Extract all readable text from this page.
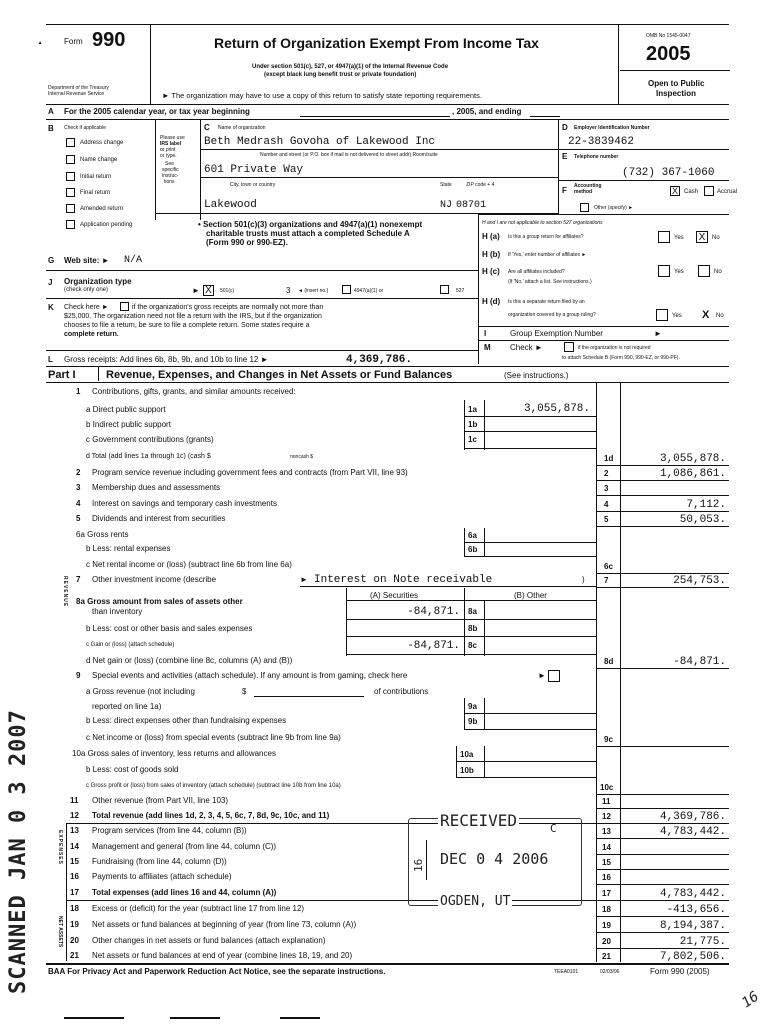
·▲	Form 990
Department of the Treasury
Internal Revenue Service
Return of Organization Exempt From Income Tax
Under section 501(c), 527, or 4947(a)(1) of the Internal Revenue Code
(except black lung benefit trust or private foundation)
► The organization may have to use a copy of this return to satisfy state reporting requirements.
OMB No 1545-0047
2005
Open to Public
Inspection
A For the 2005 calendar year, or tax year beginning	, 2005, and ending
B Check if applicable
Address change
Name change
Initial return
Final return
Amended return
Application pending
Please use
IRS label
or print
or type.
See
specific
instruc-
tions
C Name of organization
Beth Medrash Govoha of Lakewood Inc
Number and street (or P.O. box if mail is not delivered to street addr) Room/suite
601 Private Way
City, town or country	State	ZIP code + 4
Lakewood	NJ 08701
D Employer Identification Number
22-3839462
E Telephone number
(732) 367-1060
F Accounting
method	X	Cash	Accrual
Other (specify) ►
• Section 501(c)(3) organizations and 4947(a)(1) nonexempt
charitable trusts must attach a completed Schedule A
(Form 990 or 990-EZ).
H and I are not applicable to section 527 organizations
H (a) Is this a group return for affiliates?	Yes X	No
H (b) If 'Yes,' enter number of affiliates ►
H (c) Are all affiliates included?
(If 'No,' attach a list. See instructions.)
Yes	No
H (d) Is this a separate return filed by an
organization covered by a group ruling?	Yes X No
G Web site: ► N/A
J Organization type
(check only one)	► X	501(c)	3 ◄ (insert no.)	4947(a)(1) or	527
K Check here ►	if the organization's gross receipts are normally not more than
$25,000. The organization need not file a return with the IRS, but if the organization
chooses to file a return, be sure to file a complete return. Some states require a
complete return.	I	Group Exemption Number	►
M Check ►	if the organization is not required
to attach Schedule B (Form 990, 990-EZ, or 990-PF).
L Gross receipts: Add lines 6b, 8b, 9b, and 10b to line 12 ►	4,369,786.
Part I	Revenue, Expenses, and Changes in Net Assets or Fund Balances	(See instructions.)
REVENUE
EXPENSES
NET ASSETS
1 Contributions, gifts, grants, and similar amounts received:
a Direct public support	1a	3,055,878.
b Indirect public support	1b
c Government contributions (grants)	1c
d Total (add lines 1a through 1c) (cash $	noncash $	1d	3,055,878.
2 Program service revenue including government fees and contracts (from Part VII, line 93)	2	1,086,861.
3 Membership dues and assessments	3
4 Interest on savings and temporary cash investments	4	7,112.
5 Dividends and interest from securities	5	50,053.
6a Gross rents	6a
b Less: rental expenses	6b
c Net rental income or (loss) (subtract line 6b from line 6a)	6c
7 Other investment income (describe	► Interest on Note receivable	) 7	254,753.
(A) Securities	(B) Other
8a Gross amount from sales of assets other
than inventory	-84,871. 8a
b Less: cost or other basis and sales expenses	8b
c Gain or (loss) (attach schedule)	-84,871. 8c
d Net gain or (loss) (combine line 8c, columns (A) and (B))	8d	-84,871.
9 Special events and activities (attach schedule). If any amount is from gaming, check here	►
a Gross revenue (not including	$	of contributions
reported on line 1a)	9a
b Less: direct expenses other than fundraising expenses	9b
c Net income or (loss) from special events (subtract line 9b from line 9a)	9c
10a Gross sales of inventory, less returns and allowances	10a
b Less: cost of goods sold	10b
c Gross profit or (loss) from sales of inventory (attach schedule) (subtract line 10b from line 10a)	10c
11 Other revenue (from Part VII, line 103)	11
12 Total revenue (add lines 1d, 2, 3, 4, 5, 6c, 7, 8d, 9c, 10c, and 11)	12	4,369,786.
13 Program services (from line 44, column (B))	13	4,783,442.
14 Management and general (from line 44, column (C))	14
15 Fundraising (from line 44, column (D))	15
16 Payments to affiliates (attach schedule)	16
17 Total expenses (add lines 16 and 44, column (A))	17	4,783,442.
18 Excess or (deficit) for the year (subtract line 17 from line 12)	18	-413,656.
19 Net assets or fund balances at beginning of year (from line 73, column (A))	19	8,194,387.
20 Other changes in net assets or fund balances (attach explanation)	20	21,775.
21 Net assets or fund balances at end of year (combine lines 18, 19, and 20)	21	7,802,506.
BAA For Privacy Act and Paperwork Reduction Act Notice, see the separate instructions.	TEEA0101	02/03/06	Form 990 (2005)
SCANNED JAN 0 3 2007	RECEIVED	C
16 DEC 0 4 2006
OGDEN, UT
16
